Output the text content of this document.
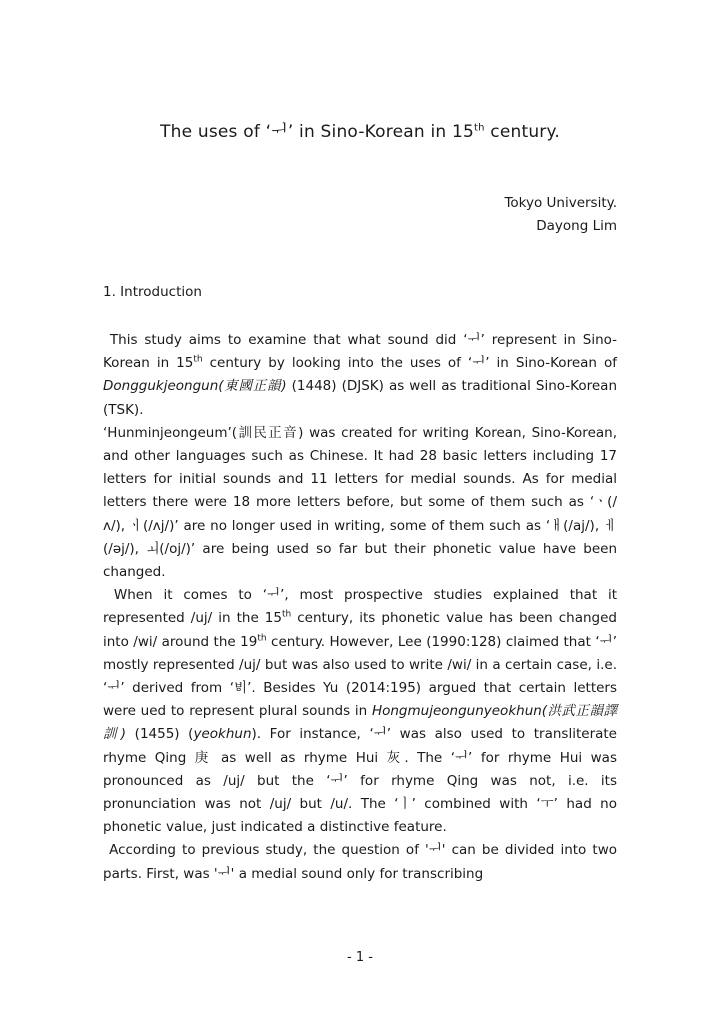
The uses of ‘ᅱ’ in Sino-Korean in 15th century.
Tokyo University.
Dayong Lim
1. Introduction

This study aims to examine that what sound did ‘ᅱ’ represent in Sino-Korean in 15th century by looking into the uses of ‘ᅱ’ in Sino-Korean of Donggukjeongun(東國正韻) (1448) (DJSK) as well as traditional Sino-Korean (TSK).

‘Hunminjeongeum’(訓民正音) was created for writing Korean, Sino-Korean, and other languages such as Chinese. It had 28 basic letters including 17 letters for initial sounds and 11 letters for medial sounds. As for medial letters there were 18 more letters before, but some of them such as ‘ㆍ(/ʌ/), ㆎ(/ʌj/)’ are no longer used in writing, some of them such as ‘ㅐ(/aj/), ㅔ(/əj/), ㅚ(/oj/)’ are being used so far but their phonetic value have been changed.

When it comes to ‘ᅱ’, most prospective studies explained that it represented /uj/ in the 15th century, its phonetic value has been changed into /wi/ around the 19th century. However, Lee (1990:128) claimed that ‘ᅱ’ mostly represented /uj/ but was also used to write /wi/ in a certain case, i.e. ‘ᅱ’ derived from ‘ᄫᅵ’. Besides Yu (2014:195) argued that certain letters were ued to represent plural sounds in Hongmujeongunyeokhun(洪武正韻譯訓) (1455) (yeokhun). For instance, ‘ᅱ’ was also used to transliterate rhyme Qing 庚 as well as rhyme Hui 灰. The ‘ᅱ’ for rhyme Hui was pronounced as /uj/ but the ‘ᅱ’ for rhyme Qing was not, i.e. its pronunciation was not /uj/ but /u/. The ‘ㅣ’ combined with ‘ㅜ’ had no phonetic value, just indicated a distinctive feature.

According to previous study, the question of 'ᅱ' can be divided into two parts. First, was 'ᅱ' a medial sound only for transcribing

- 1 -
